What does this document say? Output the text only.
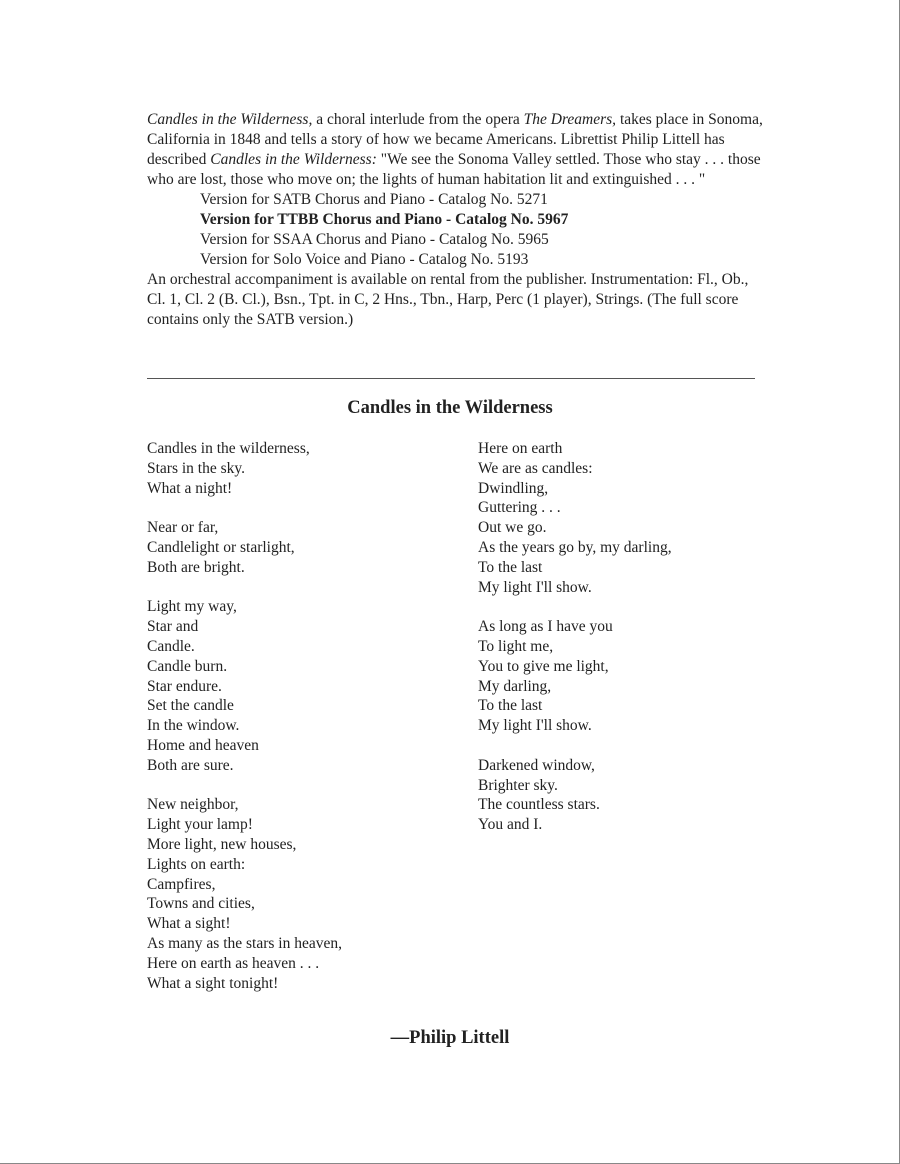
Candles in the Wilderness, a choral interlude from the opera The Dreamers, takes place in Sonoma, California in 1848 and tells a story of how we became Americans. Librettist Philip Littell has described Candles in the Wilderness: "We see the Sonoma Valley settled. Those who stay . . . those who are lost, those who move on; the lights of human habitation lit and extinguished . . . "

Version for SATB Chorus and Piano - Catalog No. 5271
Version for TTBB Chorus and Piano - Catalog No. 5967
Version for SSAA Chorus and Piano - Catalog No. 5965
Version for Solo Voice and Piano - Catalog No. 5193

An orchestral accompaniment is available on rental from the publisher. Instrumentation: Fl., Ob., Cl. 1, Cl. 2 (B. Cl.), Bsn., Tpt. in C, 2 Hns., Tbn., Harp, Perc (1 player), Strings. (The full score contains only the SATB version.)

Candles in the Wilderness
Candles in the wilderness,
Stars in the sky.
What a night!
Near or far,
Candlelight or starlight,
Both are bright.
Light my way,
Star and
Candle.
Candle burn.
Star endure.
Set the candle
In the window.
Home and heaven
Both are sure.
New neighbor,
Light your lamp!
More light, new houses,
Lights on earth:
Campfires,
Towns and cities,
What a sight!
As many as the stars in heaven,
Here on earth as heaven . . .
What a sight tonight!
Here on earth
We are as candles:
Dwindling,
Guttering . . .
Out we go.
As the years go by, my darling,
To the last
My light I'll show.
As long as I have you
To light me,
You to give me light,
My darling,
To the last
My light I'll show.
Darkened window,
Brighter sky.
The countless stars.
You and I.
—Philip Littell
